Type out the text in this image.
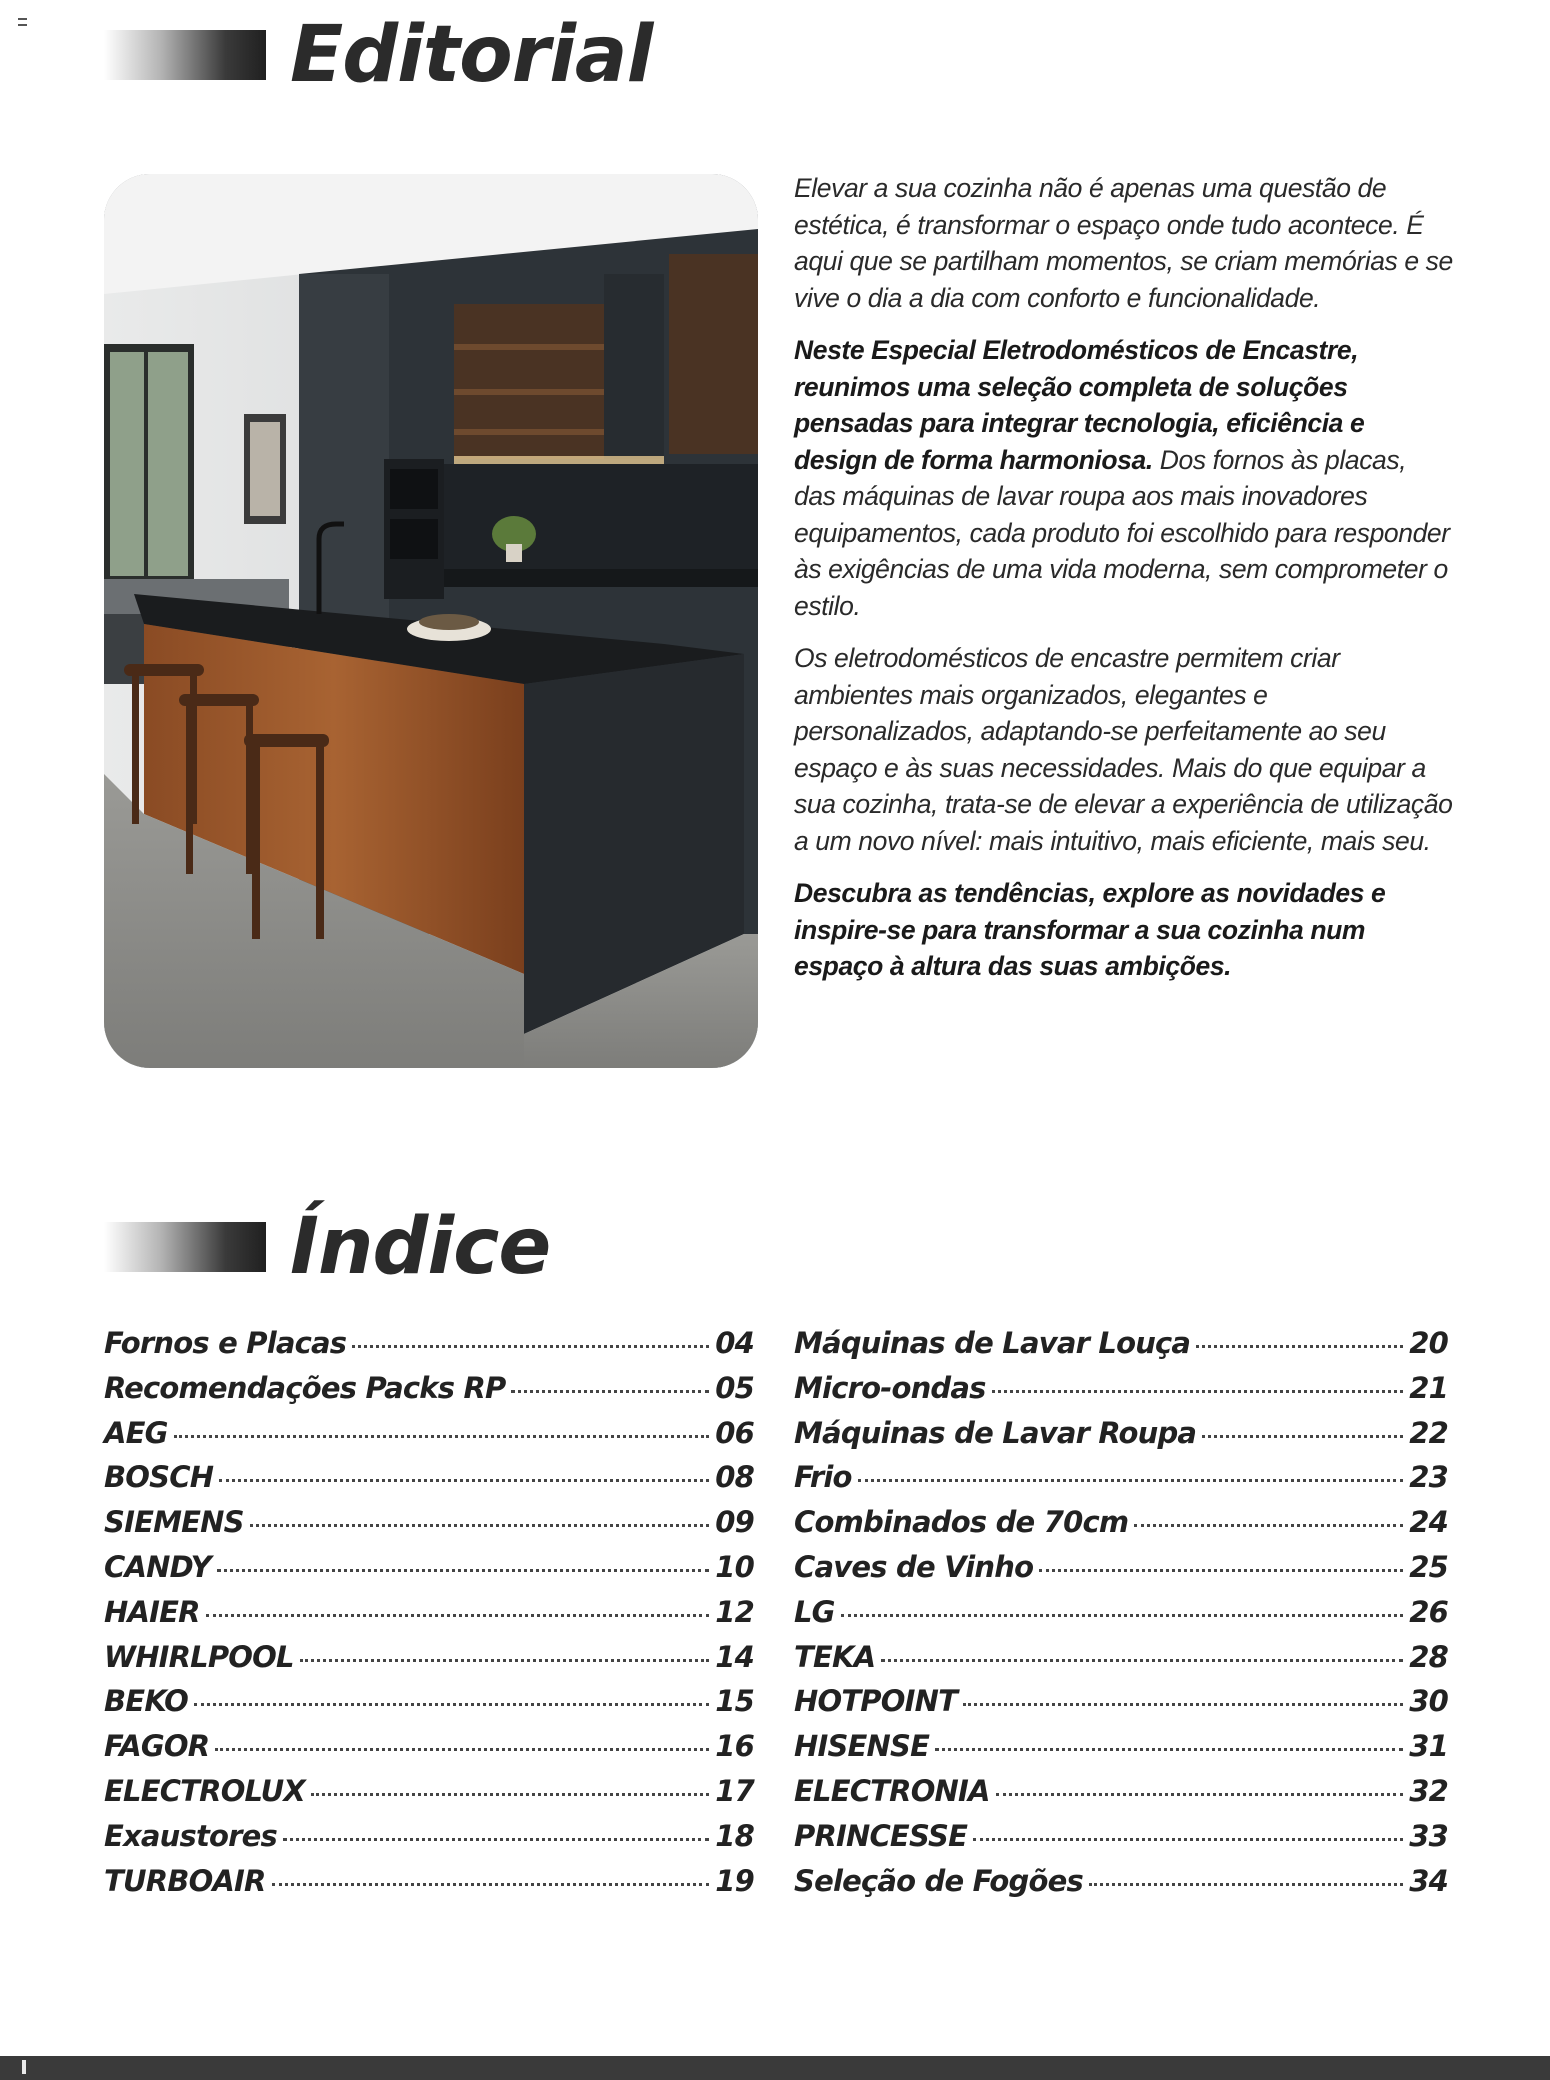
Editorial

Elevar a sua cozinha não é apenas uma questão de estética, é transformar o espaço onde tudo acontece. É aqui que se partilham momentos, se criam memórias e se vive o dia a dia com conforto e funcionalidade.

Neste Especial Eletrodomésticos de Encastre, reunimos uma seleção completa de soluções pensadas para integrar tecnologia, eficiência e design de forma harmoniosa. Dos fornos às placas, das máquinas de lavar roupa aos mais inovadores equipamentos, cada produto foi escolhido para responder às exigências de uma vida moderna, sem comprometer o estilo.

Os eletrodomésticos de encastre permitem criar ambientes mais organizados, elegantes e personalizados, adaptando-se perfeitamente ao seu espaço e às suas necessidades. Mais do que equipar a sua cozinha, trata-se de elevar a experiência de utilização a um novo nível: mais intuitivo, mais eficiente, mais seu.

Descubra as tendências, explore as novidades e inspire-se para transformar a sua cozinha num espaço à altura das suas ambições.

Índice
Fornos e Placas	04
Recomendações Packs RP	05
AEG	06
BOSCH	08
SIEMENS	09
CANDY	10
HAIER	12
WHIRLPOOL	14
BEKO	15
FAGOR	16
ELECTROLUX	17
Exaustores	18
TURBOAIR	19
Máquinas de Lavar Louça	20
Micro-ondas	21
Máquinas de Lavar Roupa	22
Frio	23
Combinados de 70cm	24
Caves de Vinho	25
LG	26
TEKA	28
HOTPOINT	30
HISENSE	31
ELECTRONIA	32
PRINCESSE	33
Seleção de Fogões	34
